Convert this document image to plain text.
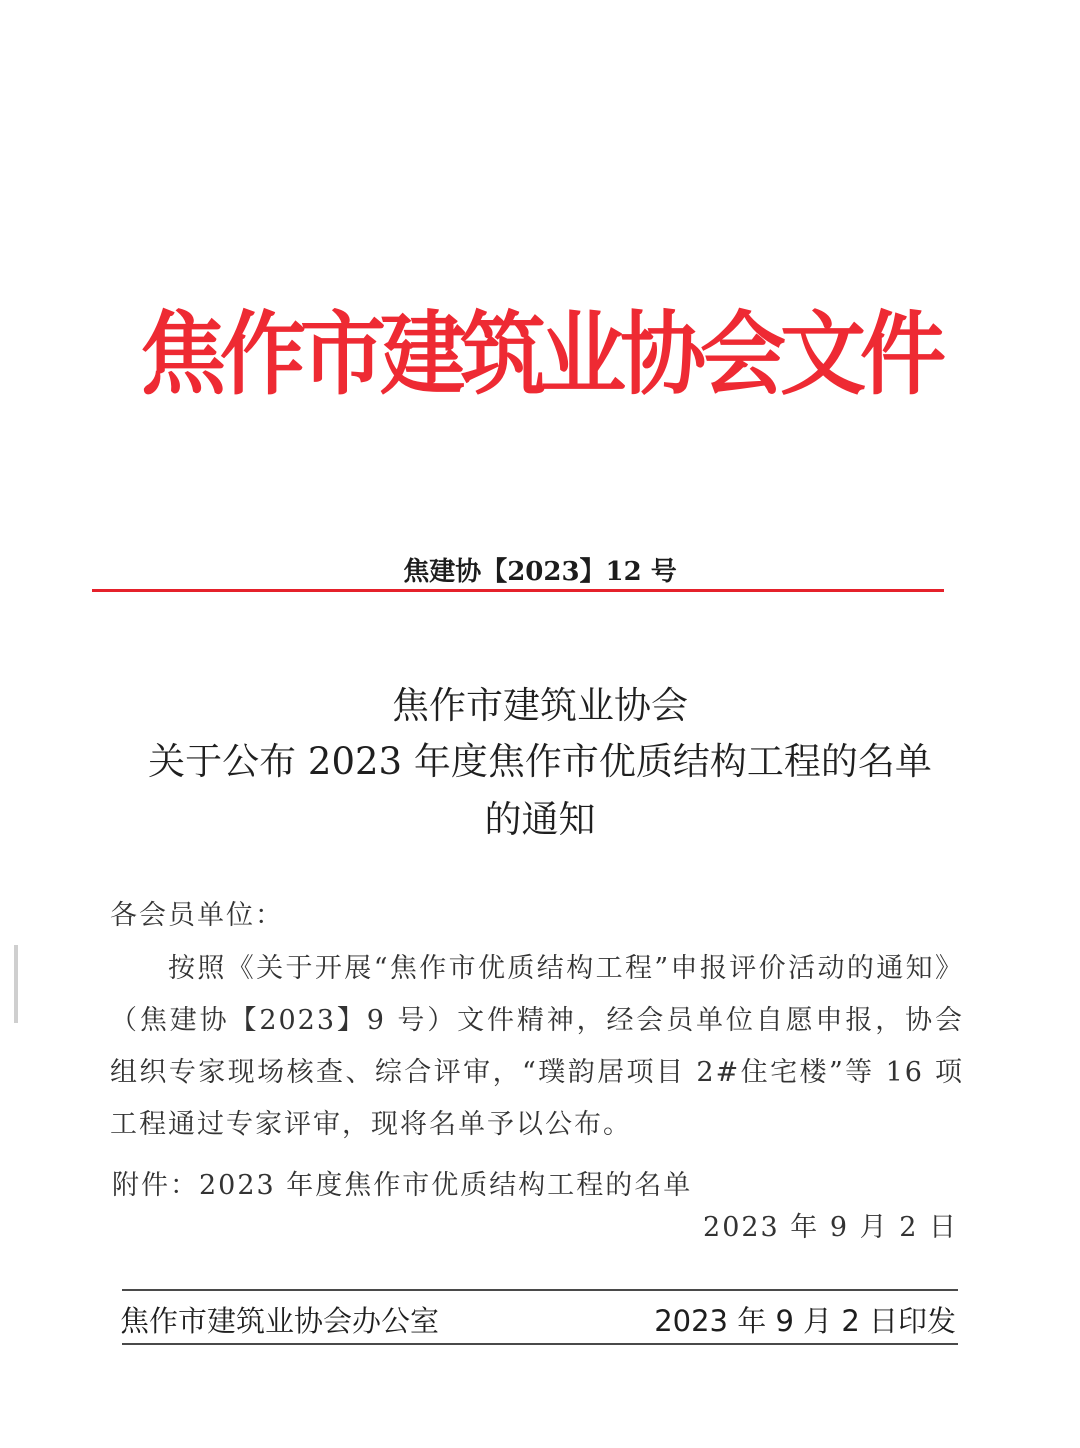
焦作市建筑业协会文件
焦建协【2023】12 号
焦作市建筑业协会
关于公布 2023 年度焦作市优质结构工程的名单
的通知
各会员单位：
按照《关于开展“焦作市优质结构工程”申报评价活动的通知》（焦建协【2023】9 号）文件精神，经会员单位自愿申报，协会组织专家现场核查、综合评审，“璞韵居项目 2#住宅楼”等 16 项工程通过专家评审，现将名单予以公布。
附件：2023 年度焦作市优质结构工程的名单
2023 年 9 月 2 日
焦作市建筑业协会办公室	2023 年 9 月 2 日印发
